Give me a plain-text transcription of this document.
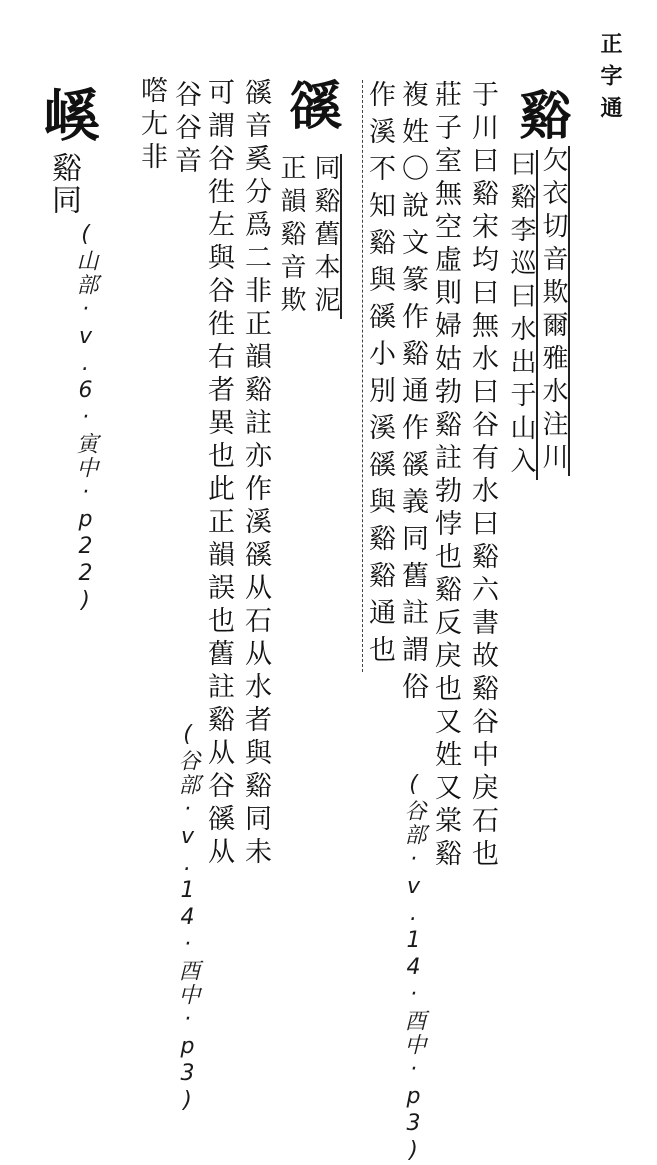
正字通
谿
欠衣切音欺爾雅水注川
曰谿李巡曰水出于山入
于川曰谿宋均曰無水曰谷有水曰谿六書故谿谷中戾石也
莊子室無空虛則婦姑勃谿註勃悖也谿反戾也又姓又棠谿
複姓〇說文篆作谿通作豀義同舊註謂俗
作溪不知谿與豀小別溪豀與谿谿通也
豀
同谿舊本泥
正韻谿音欺
豀音奚分爲二非正韻谿註亦作溪豀从石从水者與谿同未
可謂谷徃左與谷徃右者異也此正韻誤也舊註谿从谷豀从
谷谷音
㗳尢非
嵠
谿同
(谷部·v.14·酉中·p3)
(谷部·v.14·酉中·p3)
(山部·v.6·寅中·p22)
